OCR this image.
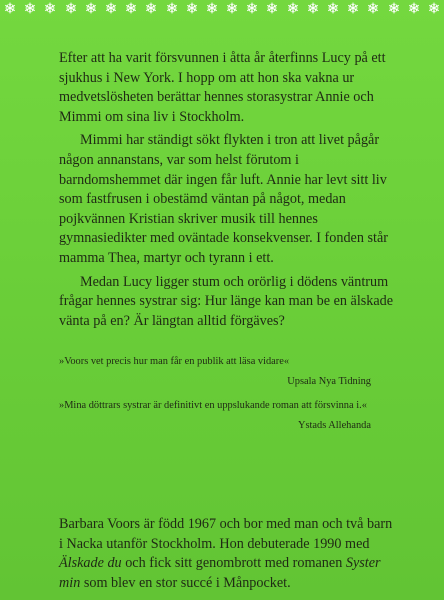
Efter att ha varit försvunnen i åtta år återfinns Lucy på ett sjukhus i New York. I hopp om att hon ska vakna ur medvetslösheten berättar hennes storasystrar Annie och Mimmi om sina liv i Stockholm.

Mimmi har ständigt sökt flykten i tron att livet pågår någon annanstans, var som helst förutom i barndomshemmet där ingen får luft. Annie har levt sitt liv som fastfrusen i obestämd väntan på något, medan pojkvännen Kristian skriver musik till hennes gymnasiedikter med oväntade konsekvenser. I fonden står mamma Thea, martyr och tyrann i ett.

Medan Lucy ligger stum och orörlig i dödens väntrum frågar hennes systrar sig: Hur länge kan man be en älskade vänta på en? Är längtan alltid förgäves?

»Voors vet precis hur man får en publik att läsa vidare«
Upsala Nya Tidning

»Mina döttrars systrar är definitivt en uppslukande roman att försvinna i.«
Ystads Allehanda

Barbara Voors är född 1967 och bor med man och två barn i Nacka utanför Stockholm. Hon debuterade 1990 med Älskade du och fick sitt genombrott med romanen Syster min som blev en stor succé i Månpocket.
